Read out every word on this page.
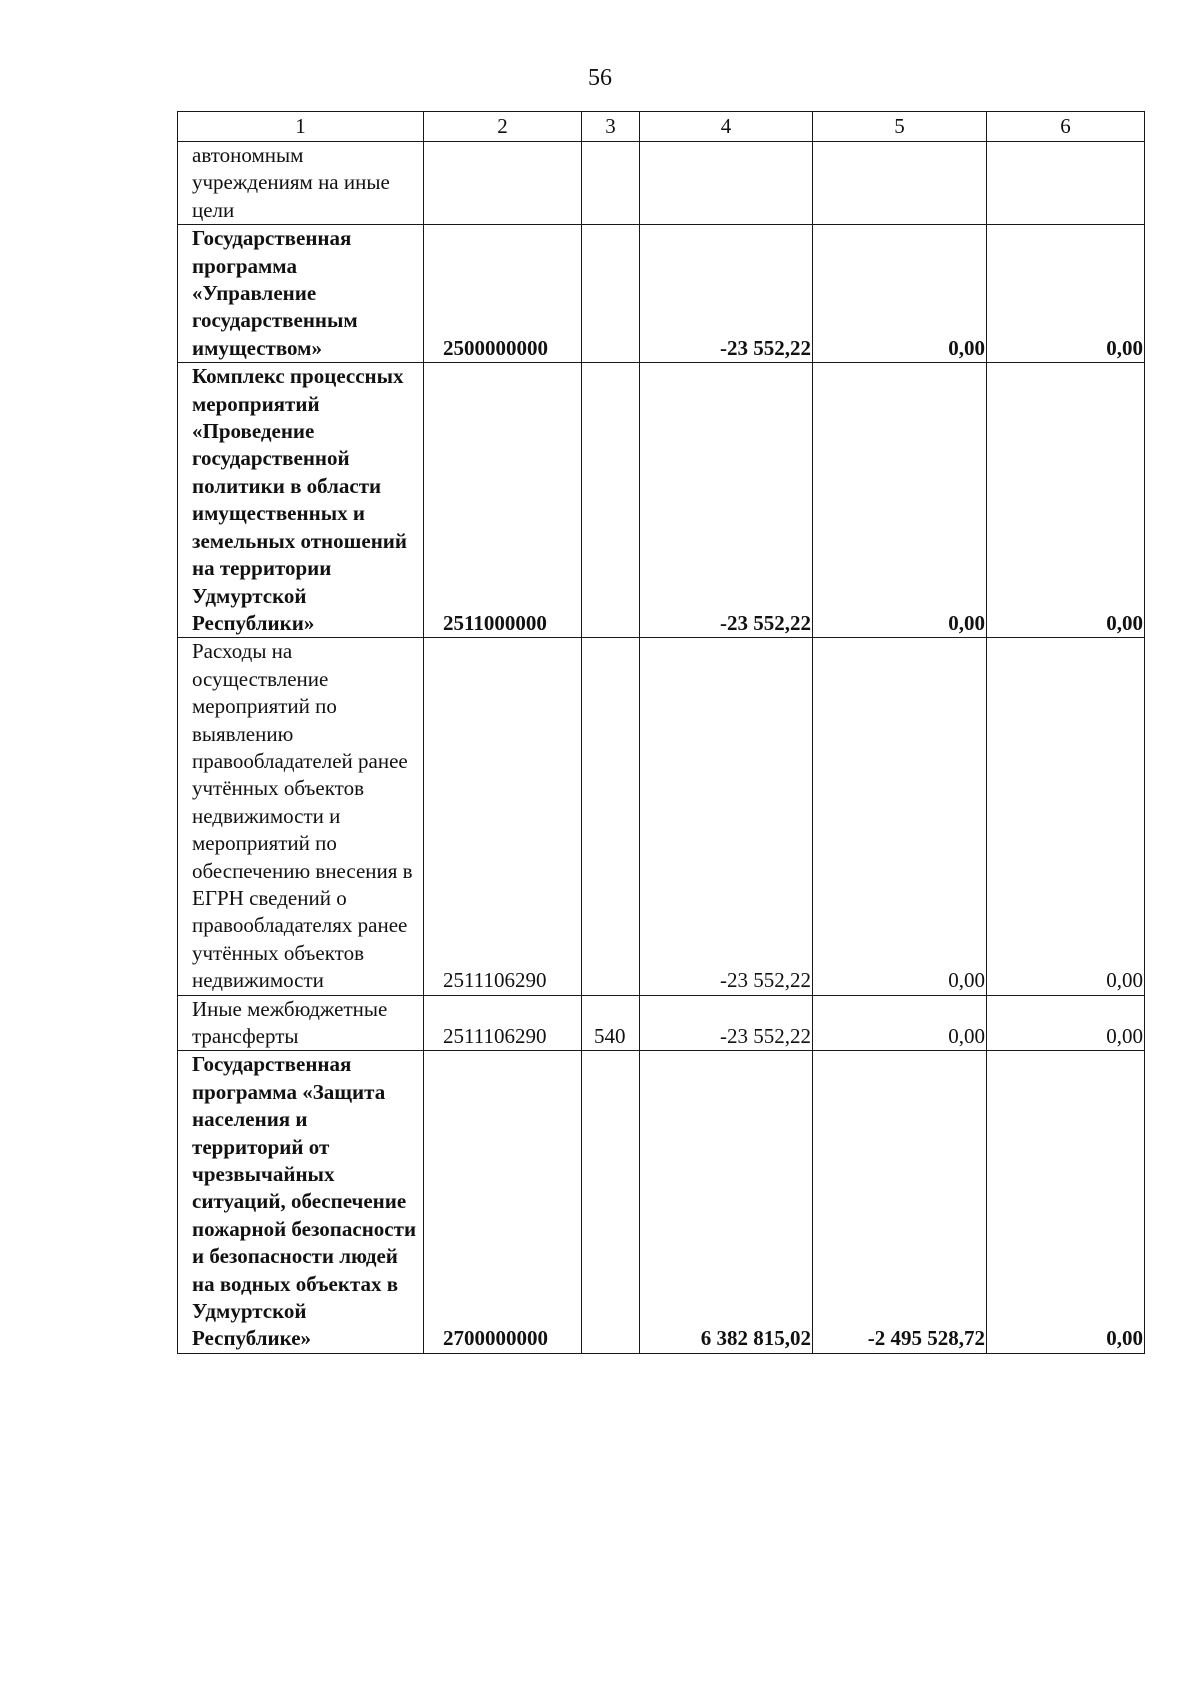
56
1	2	3	4	5	6
автономным учреждениям на иные цели					
Государственная программа «Управление государственным имуществом»	2500000000		-23 552,22	0,00	0,00
Комплекс процессных мероприятий «Проведение государственной политики в области имущественных и земельных отношений на территории Удмуртской Республики»	2511000000		-23 552,22	0,00	0,00
Расходы на осуществление мероприятий по выявлению правообладателей ранее учтённых объектов недвижимости и мероприятий по обеспечению внесения в ЕГРН сведений о правообладателях ранее учтённых объектов недвижимости	2511106290		-23 552,22	0,00	0,00
Иные межбюджетные трансферты	2511106290	540	-23 552,22	0,00	0,00
Государственная программа «Защита населения и территорий от чрезвычайных ситуаций, обеспечение пожарной безопасности и безопасности людей на водных объектах в Удмуртской Республике»	2700000000		6 382 815,02	-2 495 528,72	0,00
